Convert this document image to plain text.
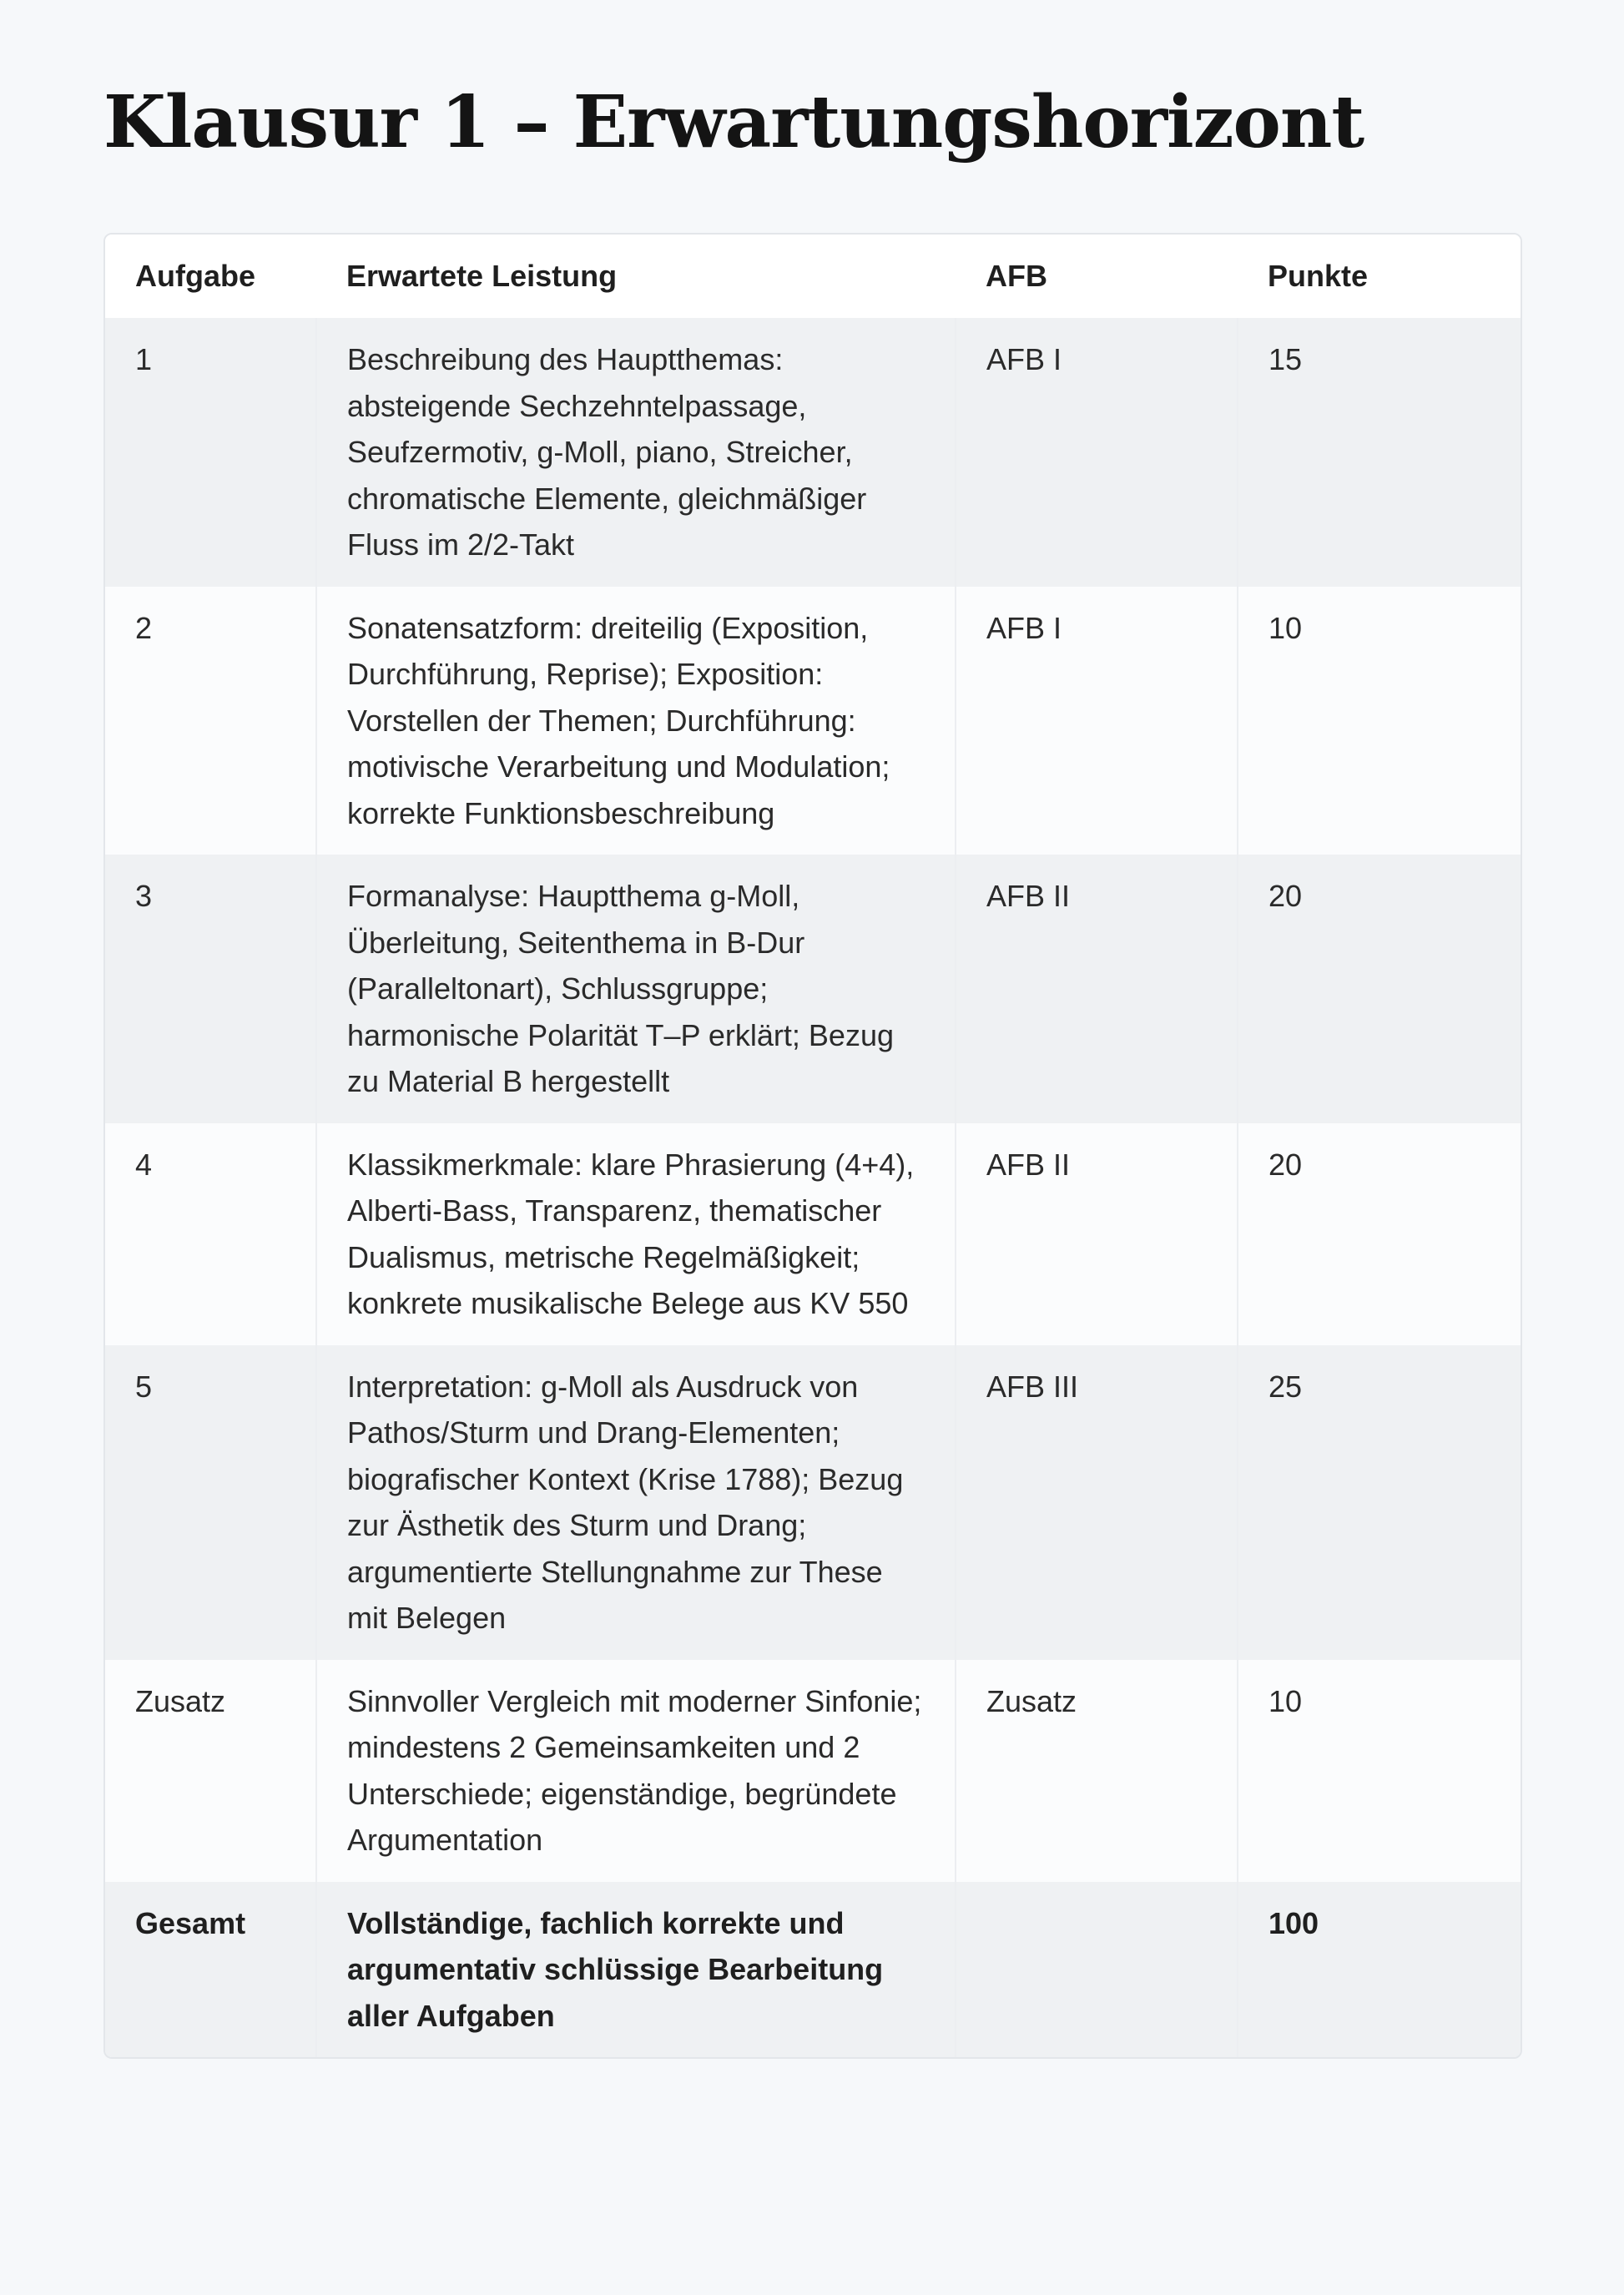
Klausur 1 – Erwartungshorizont
Aufgabe	Erwartete Leistung	AFB	Punkte
1	Beschreibung des Hauptthemas: absteigende Sechzehntelpassage, Seufzermotiv, g-Moll, piano, Streicher, chromatische Elemente, gleichmäßiger Fluss im 2/2-Takt	AFB I	15
2	Sonatensatzform: dreiteilig (Exposition, Durchführung, Reprise); Exposition: Vorstellen der Themen; Durchführung: motivische Verarbeitung und Modulation; korrekte Funktionsbeschreibung	AFB I	10
3	Formanalyse: Hauptthema g-Moll, Überleitung, Seitenthema in B-Dur (Paralleltonart), Schlussgruppe; harmonische Polarität T–P erklärt; Bezug zu Material B hergestellt	AFB II	20
4	Klassikmerkmale: klare Phrasierung (4+4), Alberti-Bass, Transparenz, thematischer Dualismus, metrische Regelmäßigkeit; konkrete musikalische Belege aus KV 550	AFB II	20
5	Interpretation: g-Moll als Ausdruck von Pathos/Sturm und Drang-Elementen; biografischer Kontext (Krise 1788); Bezug zur Ästhetik des Sturm und Drang; argumentierte Stellungnahme zur These mit Belegen	AFB III	25
Zusatz	Sinnvoller Vergleich mit moderner Sinfonie; mindestens 2 Gemeinsamkeiten und 2 Unterschiede; eigenständige, begründete Argumentation	Zusatz	10
Gesamt	Vollständige, fachlich korrekte und argumentativ schlüssige Bearbeitung aller Aufgaben		100
